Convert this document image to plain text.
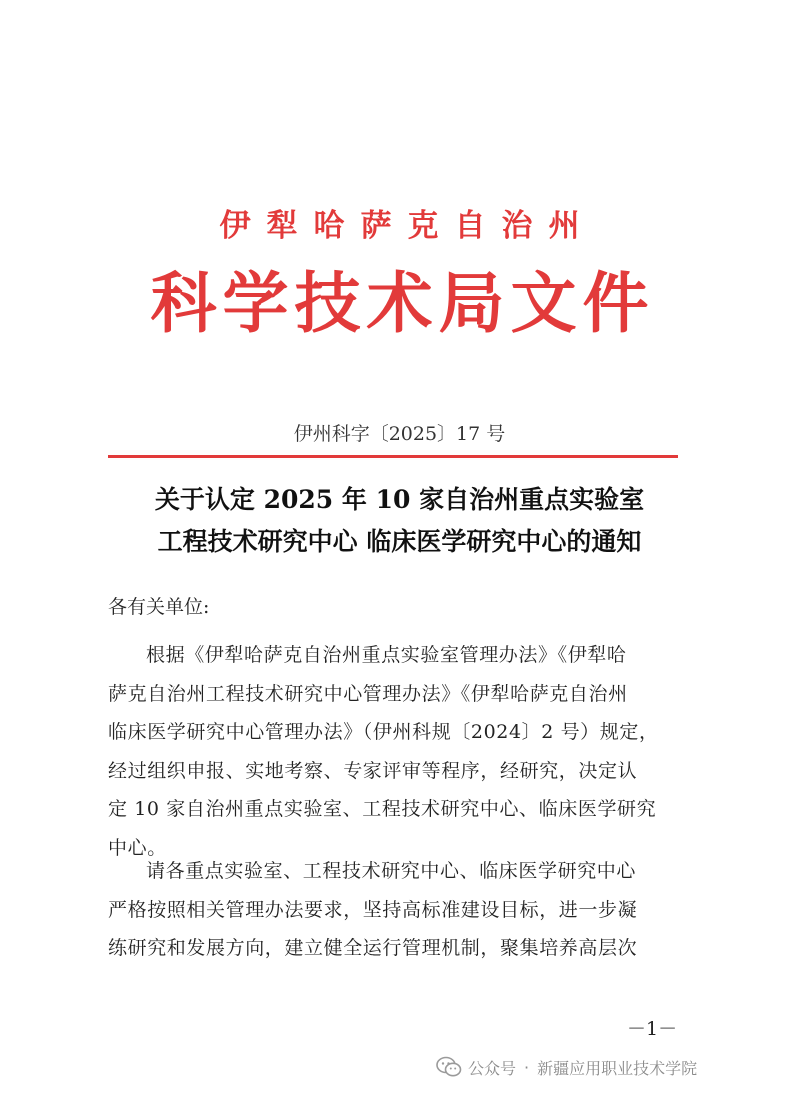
伊犁哈萨克自治州
科学技术局文件
伊州科字〔2025〕17 号
关于认定 2025 年 10 家自治州重点实验室
工程技术研究中心 临床医学研究中心的通知
各有关单位:
根据《伊犁哈萨克自治州重点实验室管理办法》《伊犁哈
萨克自治州工程技术研究中心管理办法》《伊犁哈萨克自治州
临床医学研究中心管理办法》（伊州科规〔2024〕2 号）规定，
经过组织申报、实地考察、专家评审等程序，经研究，决定认
定 10 家自治州重点实验室、工程技术研究中心、临床医学研究
中心。
请各重点实验室、工程技术研究中心、临床医学研究中心
严格按照相关管理办法要求，坚持高标准建设目标，进一步凝
练研究和发展方向，建立健全运行管理机制，聚集培养高层次
－1－
公众号 · 新疆应用职业技术学院
